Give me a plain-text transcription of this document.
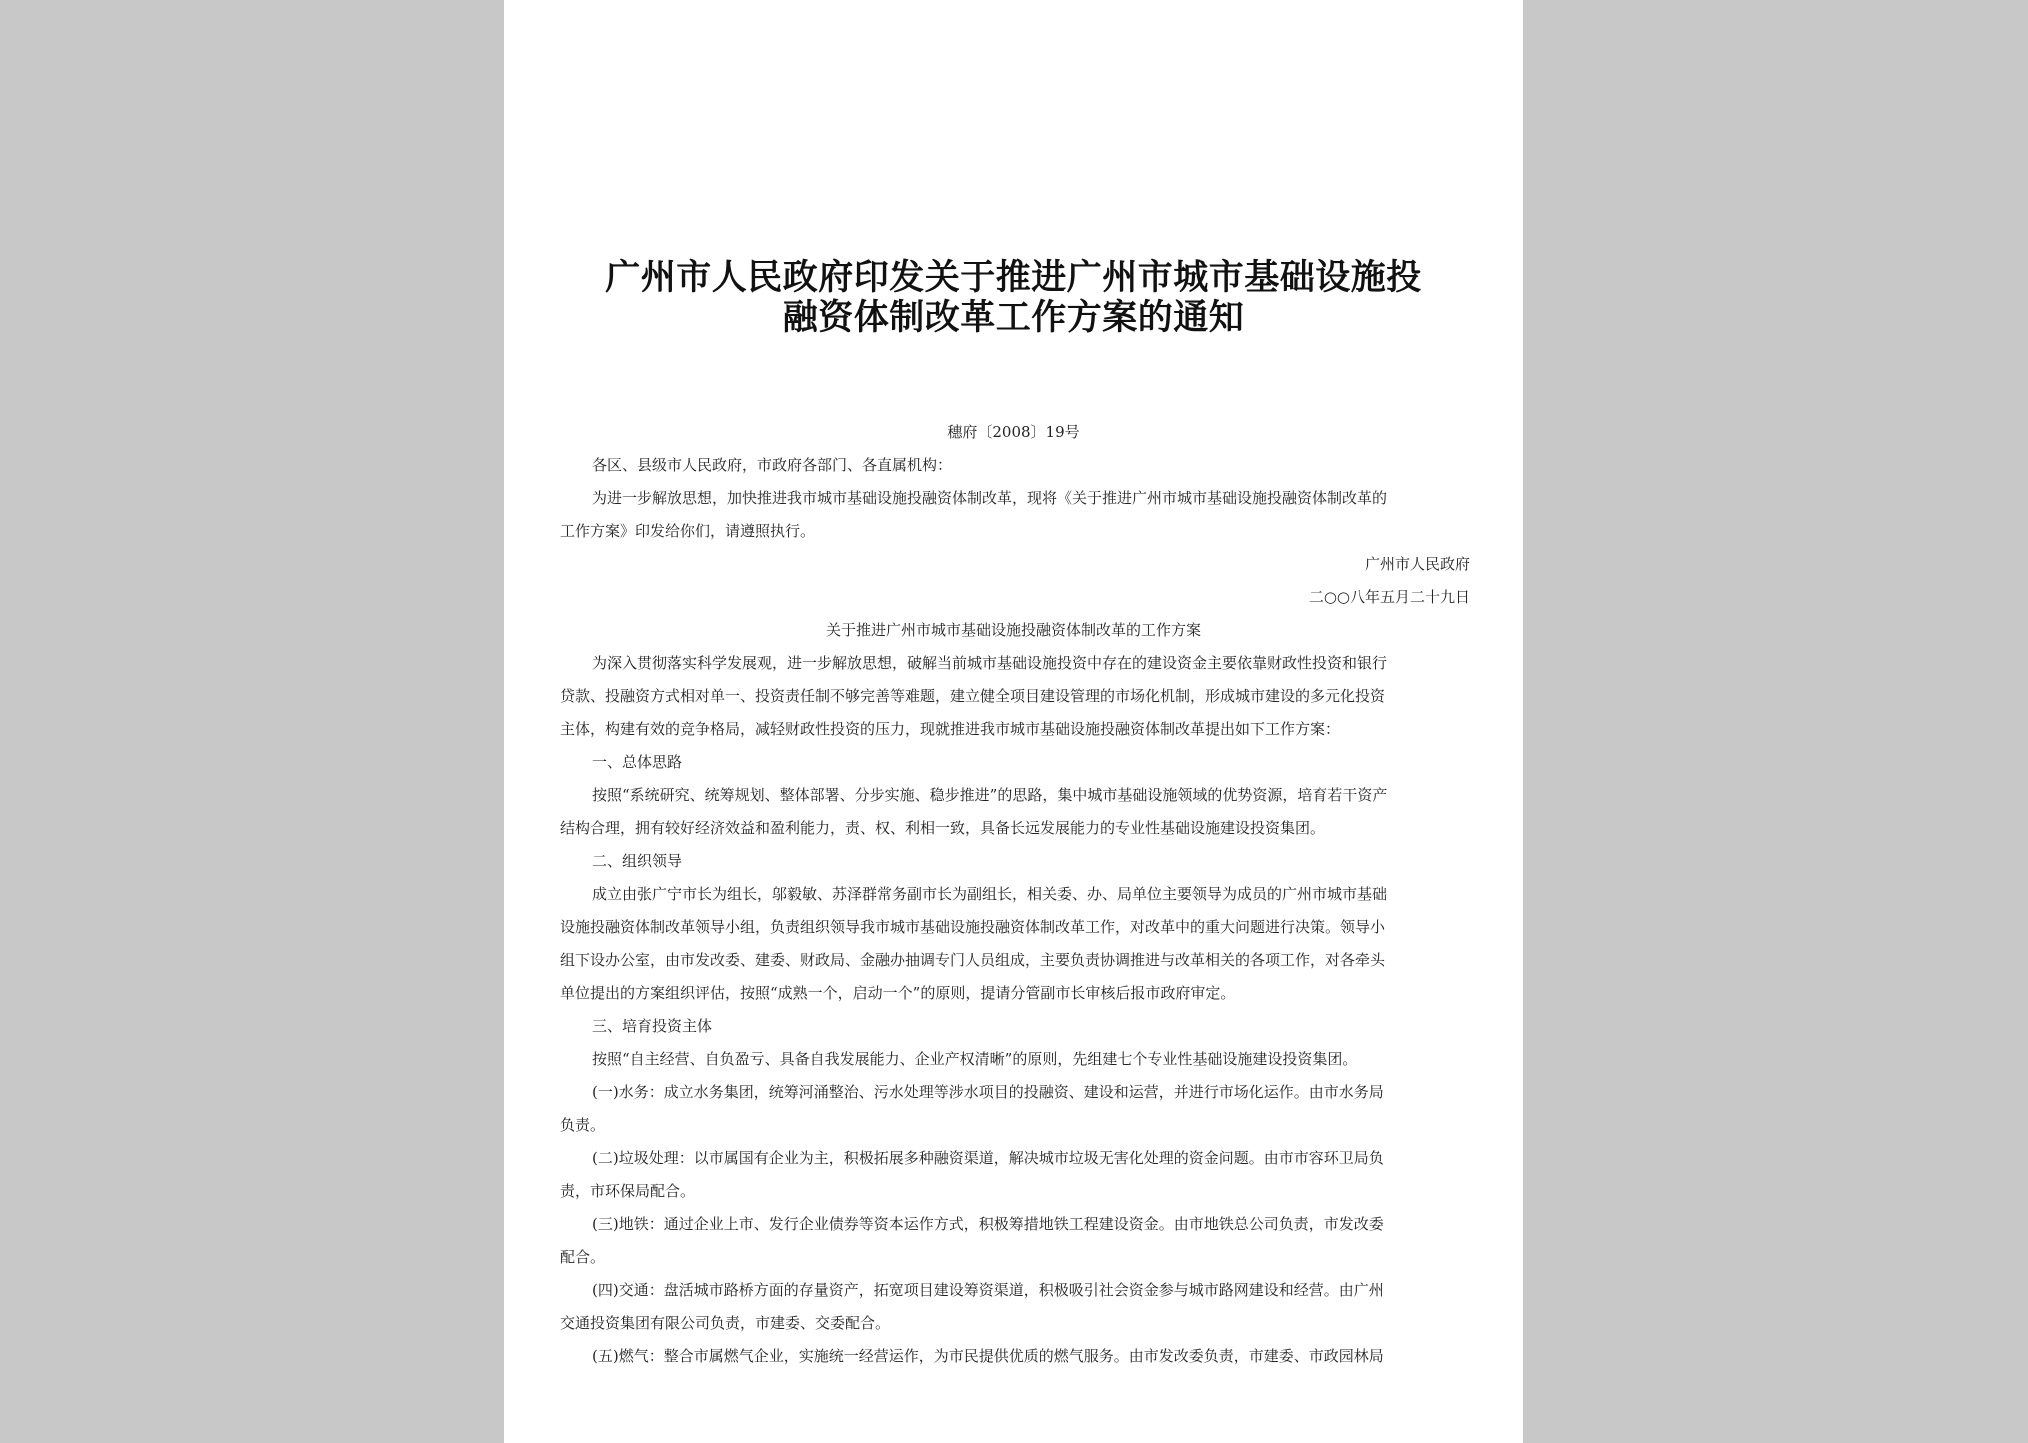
广州市人民政府印发关于推进广州市城市基础设施投
融资体制改革工作方案的通知
穗府〔2008〕19号
各区、县级市人民政府，市政府各部门、各直属机构：
为进一步解放思想，加快推进我市城市基础设施投融资体制改革，现将《关于推进广州市城市基础设施投融资体制改革的
工作方案》印发给你们，请遵照执行。
广州市人民政府
二○○八年五月二十九日
关于推进广州市城市基础设施投融资体制改革的工作方案
为深入贯彻落实科学发展观，进一步解放思想，破解当前城市基础设施投资中存在的建设资金主要依靠财政性投资和银行
贷款、投融资方式相对单一、投资责任制不够完善等难题，建立健全项目建设管理的市场化机制，形成城市建设的多元化投资
主体，构建有效的竞争格局，减轻财政性投资的压力，现就推进我市城市基础设施投融资体制改革提出如下工作方案：
一、总体思路
按照“系统研究、统筹规划、整体部署、分步实施、稳步推进”的思路，集中城市基础设施领域的优势资源，培育若干资产
结构合理，拥有较好经济效益和盈利能力，责、权、利相一致，具备长远发展能力的专业性基础设施建设投资集团。
二、组织领导
成立由张广宁市长为组长，邬毅敏、苏泽群常务副市长为副组长，相关委、办、局单位主要领导为成员的广州市城市基础
设施投融资体制改革领导小组，负责组织领导我市城市基础设施投融资体制改革工作，对改革中的重大问题进行决策。领导小
组下设办公室，由市发改委、建委、财政局、金融办抽调专门人员组成，主要负责协调推进与改革相关的各项工作，对各牵头
单位提出的方案组织评估，按照“成熟一个，启动一个”的原则，提请分管副市长审核后报市政府审定。
三、培育投资主体
按照“自主经营、自负盈亏、具备自我发展能力、企业产权清晰”的原则，先组建七个专业性基础设施建设投资集团。
(一)水务：成立水务集团，统筹河涌整治、污水处理等涉水项目的投融资、建设和运营，并进行市场化运作。由市水务局
负责。
(二)垃圾处理：以市属国有企业为主，积极拓展多种融资渠道，解决城市垃圾无害化处理的资金问题。由市市容环卫局负
责，市环保局配合。
(三)地铁：通过企业上市、发行企业债券等资本运作方式，积极筹措地铁工程建设资金。由市地铁总公司负责，市发改委
配合。
(四)交通：盘活城市路桥方面的存量资产，拓宽项目建设筹资渠道，积极吸引社会资金参与城市路网建设和经营。由广州
交通投资集团有限公司负责，市建委、交委配合。
(五)燃气：整合市属燃气企业，实施统一经营运作，为市民提供优质的燃气服务。由市发改委负责，市建委、市政园林局
